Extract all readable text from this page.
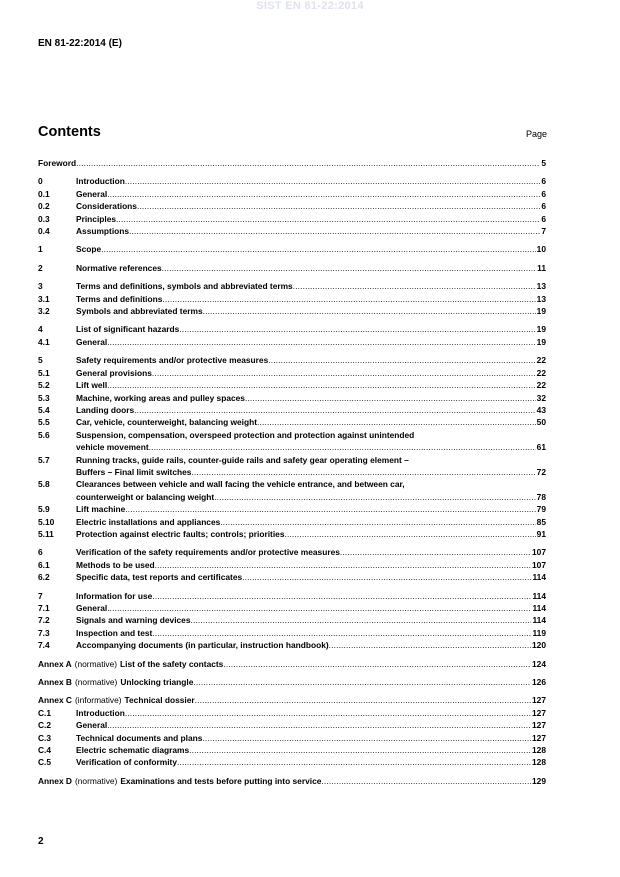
SIST EN 81-22:2014
EN 81-22:2014 (E)
Contents	Page
Foreword .....	5
0	Introduction .....	6
0.1	General .....	6
0.2	Considerations .....	6
0.3	Principles .....	6
0.4	Assumptions .....	7
1	Scope .....	10
2	Normative references .....	11
3	Terms and definitions, symbols and abbreviated terms .....	13
3.1	Terms and definitions .....	13
3.2	Symbols and abbreviated terms .....	19
4	List of significant hazards .....	19
4.1	General .....	19
5	Safety requirements and/or protective measures .....	22
5.1	General provisions .....	22
5.2	Lift well .....	22
5.3	Machine, working areas and pulley spaces .....	32
5.4	Landing doors .....	43
5.5	Car, vehicle, counterweight, balancing weight .....	50
5.6	Suspension, compensation, overspeed protection and protection against unintended
vehicle movement .....	61
5.7	Running tracks, guide rails, counter-guide rails and safety gear operating element –
Buffers – Final limit switches .....	72
5.8	Clearances between vehicle and wall facing the vehicle entrance, and between car,
counterweight or balancing weight .....	78
5.9	Lift machine .....	79
5.10	Electric installations and appliances .....	85
5.11	Protection against electric faults; controls; priorities .....	91
6	Verification of the safety requirements and/or protective measures .....	107
6.1	Methods to be used .....	107
6.2	Specific data, test reports and certificates .....	114
7	Information for use .....	114
7.1	General .....	114
7.2	Signals and warning devices .....	114
7.3	Inspection and test .....	119
7.4	Accompanying documents (in particular, instruction handbook) .....	120
Annex A (normative) List of the safety contacts .....	124
Annex B (normative) Unlocking triangle .....	126
Annex C (informative) Technical dossier .....	127
C.1	Introduction .....	127
C.2	General .....	127
C.3	Technical documents and plans .....	127
C.4	Electric schematic diagrams .....	128
C.5	Verification of conformity .....	128
Annex D (normative) Examinations and tests before putting into service .....	129
2
